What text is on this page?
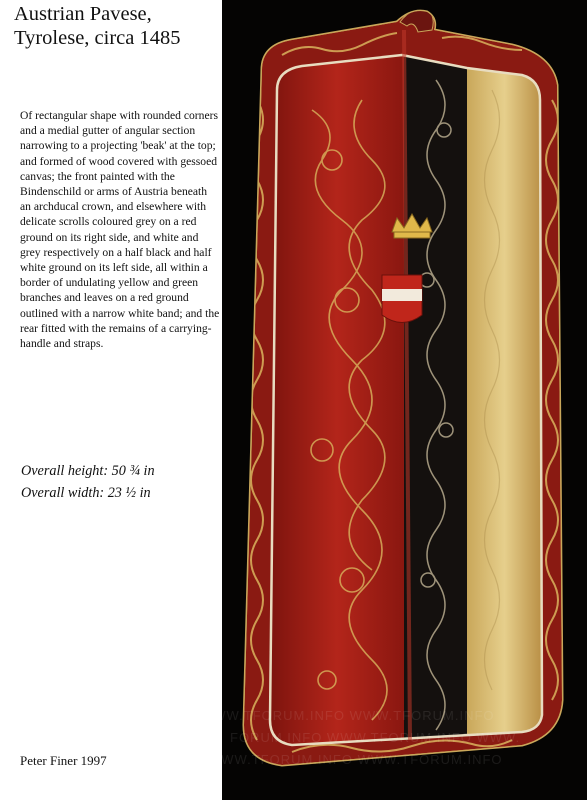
Austrian Pavese,
Tyrolese, circa 1485

Of rectangular shape with rounded corners and a medial gutter of angular section narrowing to a projecting 'beak' at the top; and formed of wood covered with gessoed canvas; the front painted with the Bindenschild or arms of Austria beneath an archducal crown, and elsewhere with delicate scrolls coloured grey on a red ground on its right side, and white and grey respectively on a half black and half white ground on its left side, all within a border of undulating yellow and green branches and leaves on a red ground outlined with a narrow white band; and the rear fitted with the remains of a carrying-handle and straps.

Overall height: 50 ¾ in
Overall width: 23 ½ in
Peter Finer 1997
